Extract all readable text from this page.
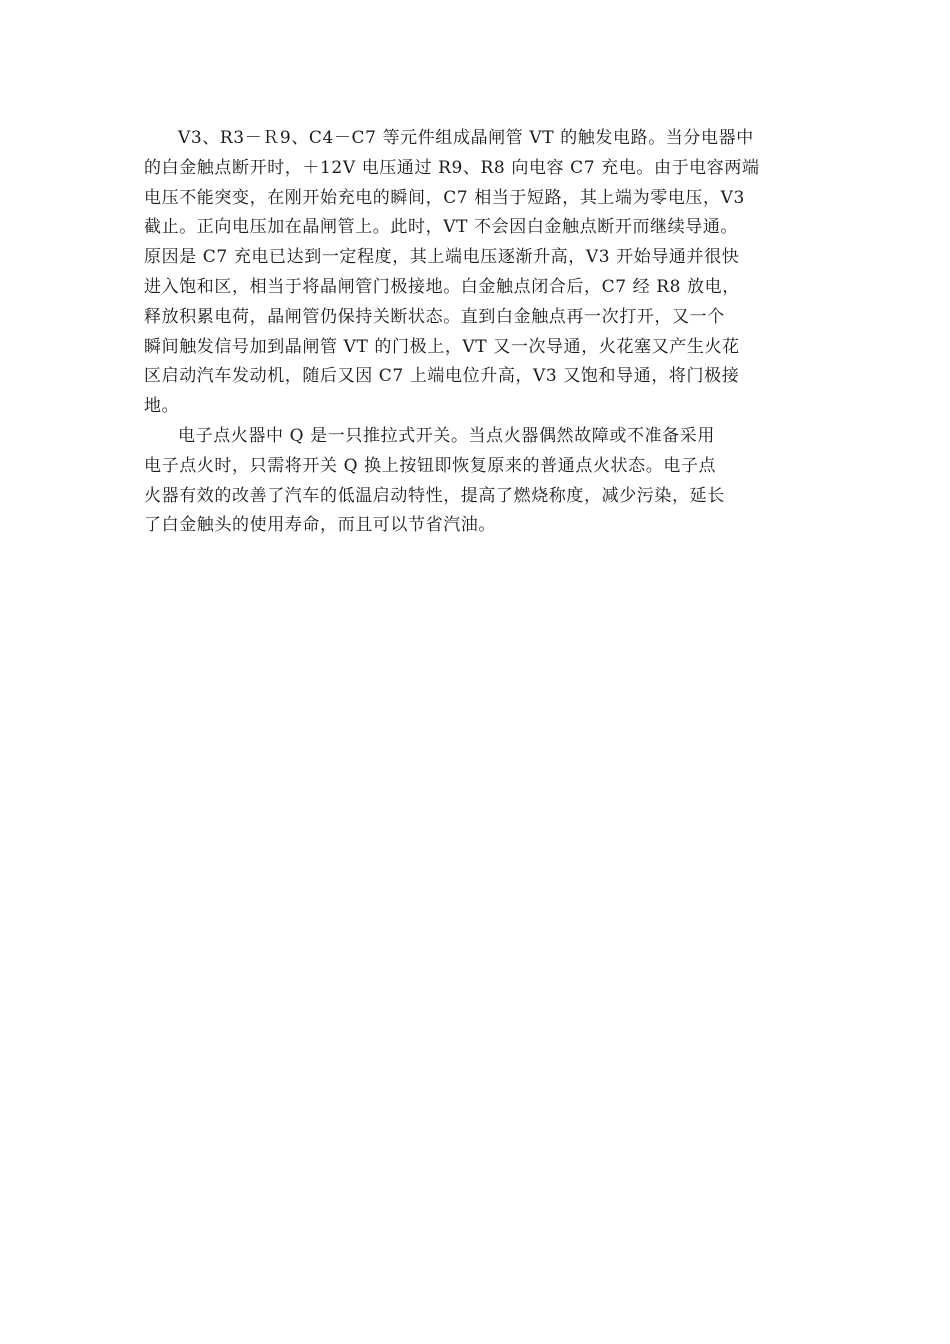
V3、R3－Ｒ9、C4－C7 等元件组成晶闸管 VT 的触发电路。当分电器中
的白金触点断开时，＋12V 电压通过 R9、R8 向电容 C7 充电。由于电容两端
电压不能突变，在刚开始充电的瞬间，C7 相当于短路，其上端为零电压，V3
截止。正向电压加在晶闸管上。此时，VT 不会因白金触点断开而继续导通。
原因是 C7 充电已达到一定程度，其上端电压逐渐升高，V3 开始导通并很快
进入饱和区，相当于将晶闸管门极接地。白金触点闭合后，C7 经 R8 放电，
释放积累电荷，晶闸管仍保持关断状态。直到白金触点再一次打开，又一个
瞬间触发信号加到晶闸管 VT 的门极上，VT 又一次导通，火花塞又产生火花
区启动汽车发动机，随后又因 C7 上端电位升高，V3 又饱和导通，将门极接
地。
电子点火器中 Q 是一只推拉式开关。当点火器偶然故障或不准备采用
电子点火时，只需将开关 Q 换上按钮即恢复原来的普通点火状态。电子点
火器有效的改善了汽车的低温启动特性，提高了燃烧称度，减少污染，延长
了白金触头的使用寿命，而且可以节省汽油。
